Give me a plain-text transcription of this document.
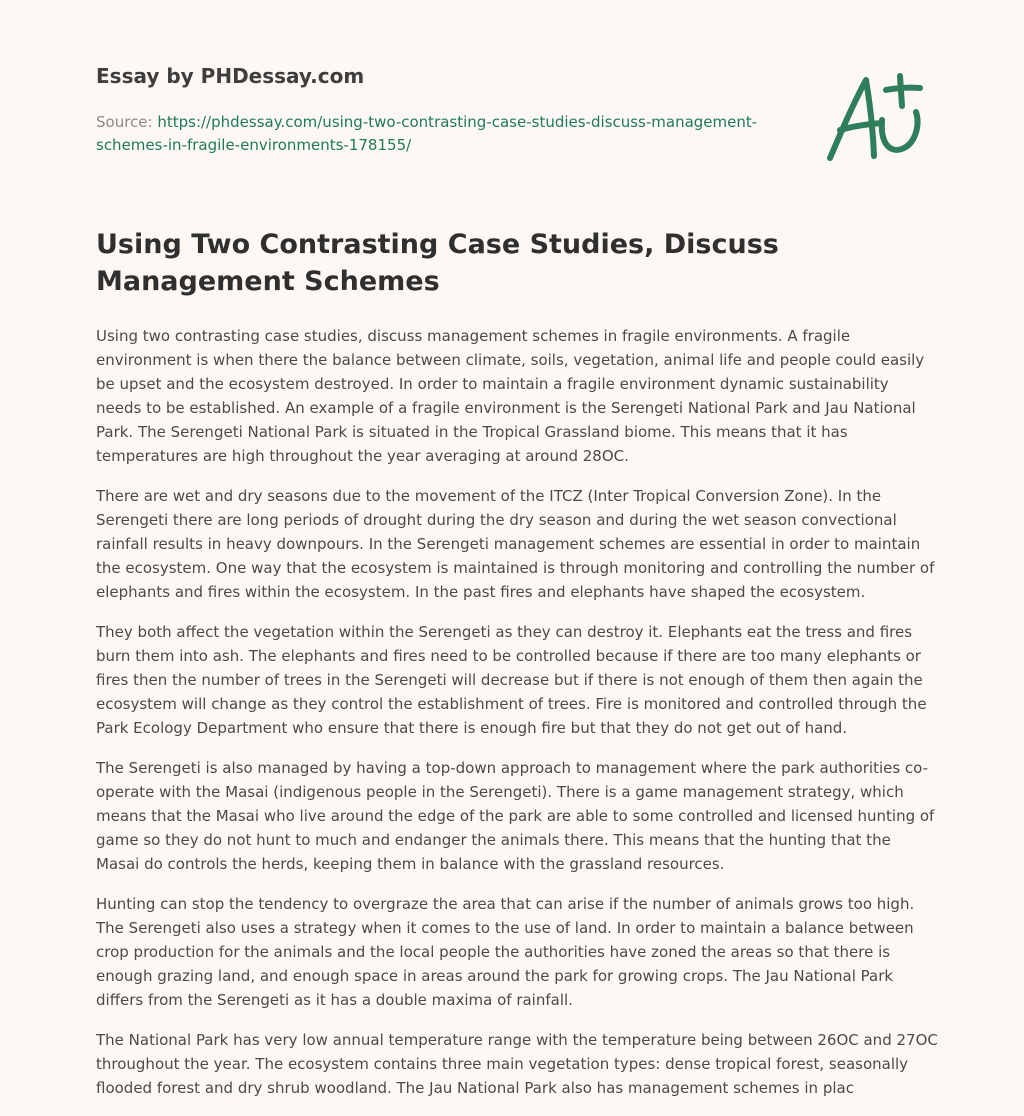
Essay by PHDessay.com
Source: https://phdessay.com/using-two-contrasting-case-studies-discuss-management-schemes-in-fragile-environments-178155/
Using Two Contrasting Case Studies, Discuss Management Schemes

Using two contrasting case studies, discuss management schemes in fragile environments. A fragile environment is when there the balance between climate, soils, vegetation, animal life and people could easily be upset and the ecosystem destroyed. In order to maintain a fragile environment dynamic sustainability needs to be established. An example of a fragile environment is the Serengeti National Park and Jau National Park. The Serengeti National Park is situated in the Tropical Grassland biome. This means that it has temperatures are high throughout the year averaging at around 28OC.

There are wet and dry seasons due to the movement of the ITCZ (Inter Tropical Conversion Zone). In the Serengeti there are long periods of drought during the dry season and during the wet season convectional rainfall results in heavy downpours. In the Serengeti management schemes are essential in order to maintain the ecosystem. One way that the ecosystem is maintained is through monitoring and controlling the number of elephants and fires within the ecosystem. In the past fires and elephants have shaped the ecosystem.

They both affect the vegetation within the Serengeti as they can destroy it. Elephants eat the tress and fires burn them into ash. The elephants and fires need to be controlled because if there are too many elephants or fires then the number of trees in the Serengeti will decrease but if there is not enough of them then again the ecosystem will change as they control the establishment of trees. Fire is monitored and controlled through the Park Ecology Department who ensure that there is enough fire but that they do not get out of hand.

The Serengeti is also managed by having a top-down approach to management where the park authorities co-operate with the Masai (indigenous people in the Serengeti). There is a game management strategy, which means that the Masai who live around the edge of the park are able to some controlled and licensed hunting of game so they do not hunt to much and endanger the animals there. This means that the hunting that the Masai do controls the herds, keeping them in balance with the grassland resources.

Hunting can stop the tendency to overgraze the area that can arise if the number of animals grows too high. The Serengeti also uses a strategy when it comes to the use of land. In order to maintain a balance between crop production for the animals and the local people the authorities have zoned the areas so that there is enough grazing land, and enough space in areas around the park for growing crops. The Jau National Park differs from the Serengeti as it has a double maxima of rainfall.

The National Park has very low annual temperature range with the temperature being between 26OC and 27OC throughout the year. The ecosystem contains three main vegetation types: dense tropical forest, seasonally flooded forest and dry shrub woodland. The Jau National Park also has management schemes in plac
